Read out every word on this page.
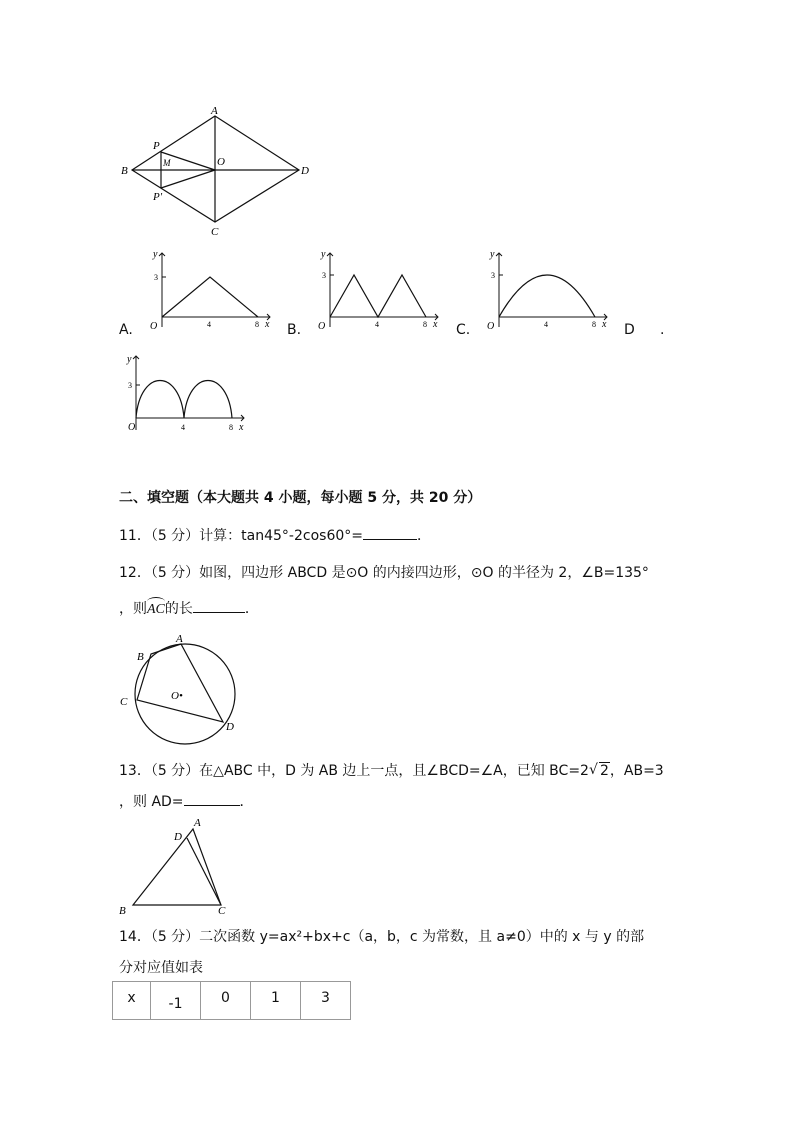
A
B
C
D
O
P
M
P'
A.
y
3
O	4	8 x B.
y
3
O	4	8 x C.
y
3
O	4	8 x D .
y
3
O	4	8 x
二、填空题（本大题共 4 小题，每小题 5 分，共 20 分）
11．（5 分）计算：tan45°-2cos60°=	．
12．（5 分）如图，四边形 ABCD 是⊙O 的内接四边形，⊙O 的半径为 2，∠B=135°
，则AC的长	．
A
B
C
D
O•
13．（5 分）在△ABC 中，D 为 AB 边上一点，且∠BCD=∠A，已知 BC=2√ 2，AB=3
，则 AD=	．
A
D
B	C
14．（5 分）二次函数 y=ax²+bx+c（a，b，c 为常数，且 a≠0）中的 x 与 y 的部
分对应值如表
x	-1	0	1	3
